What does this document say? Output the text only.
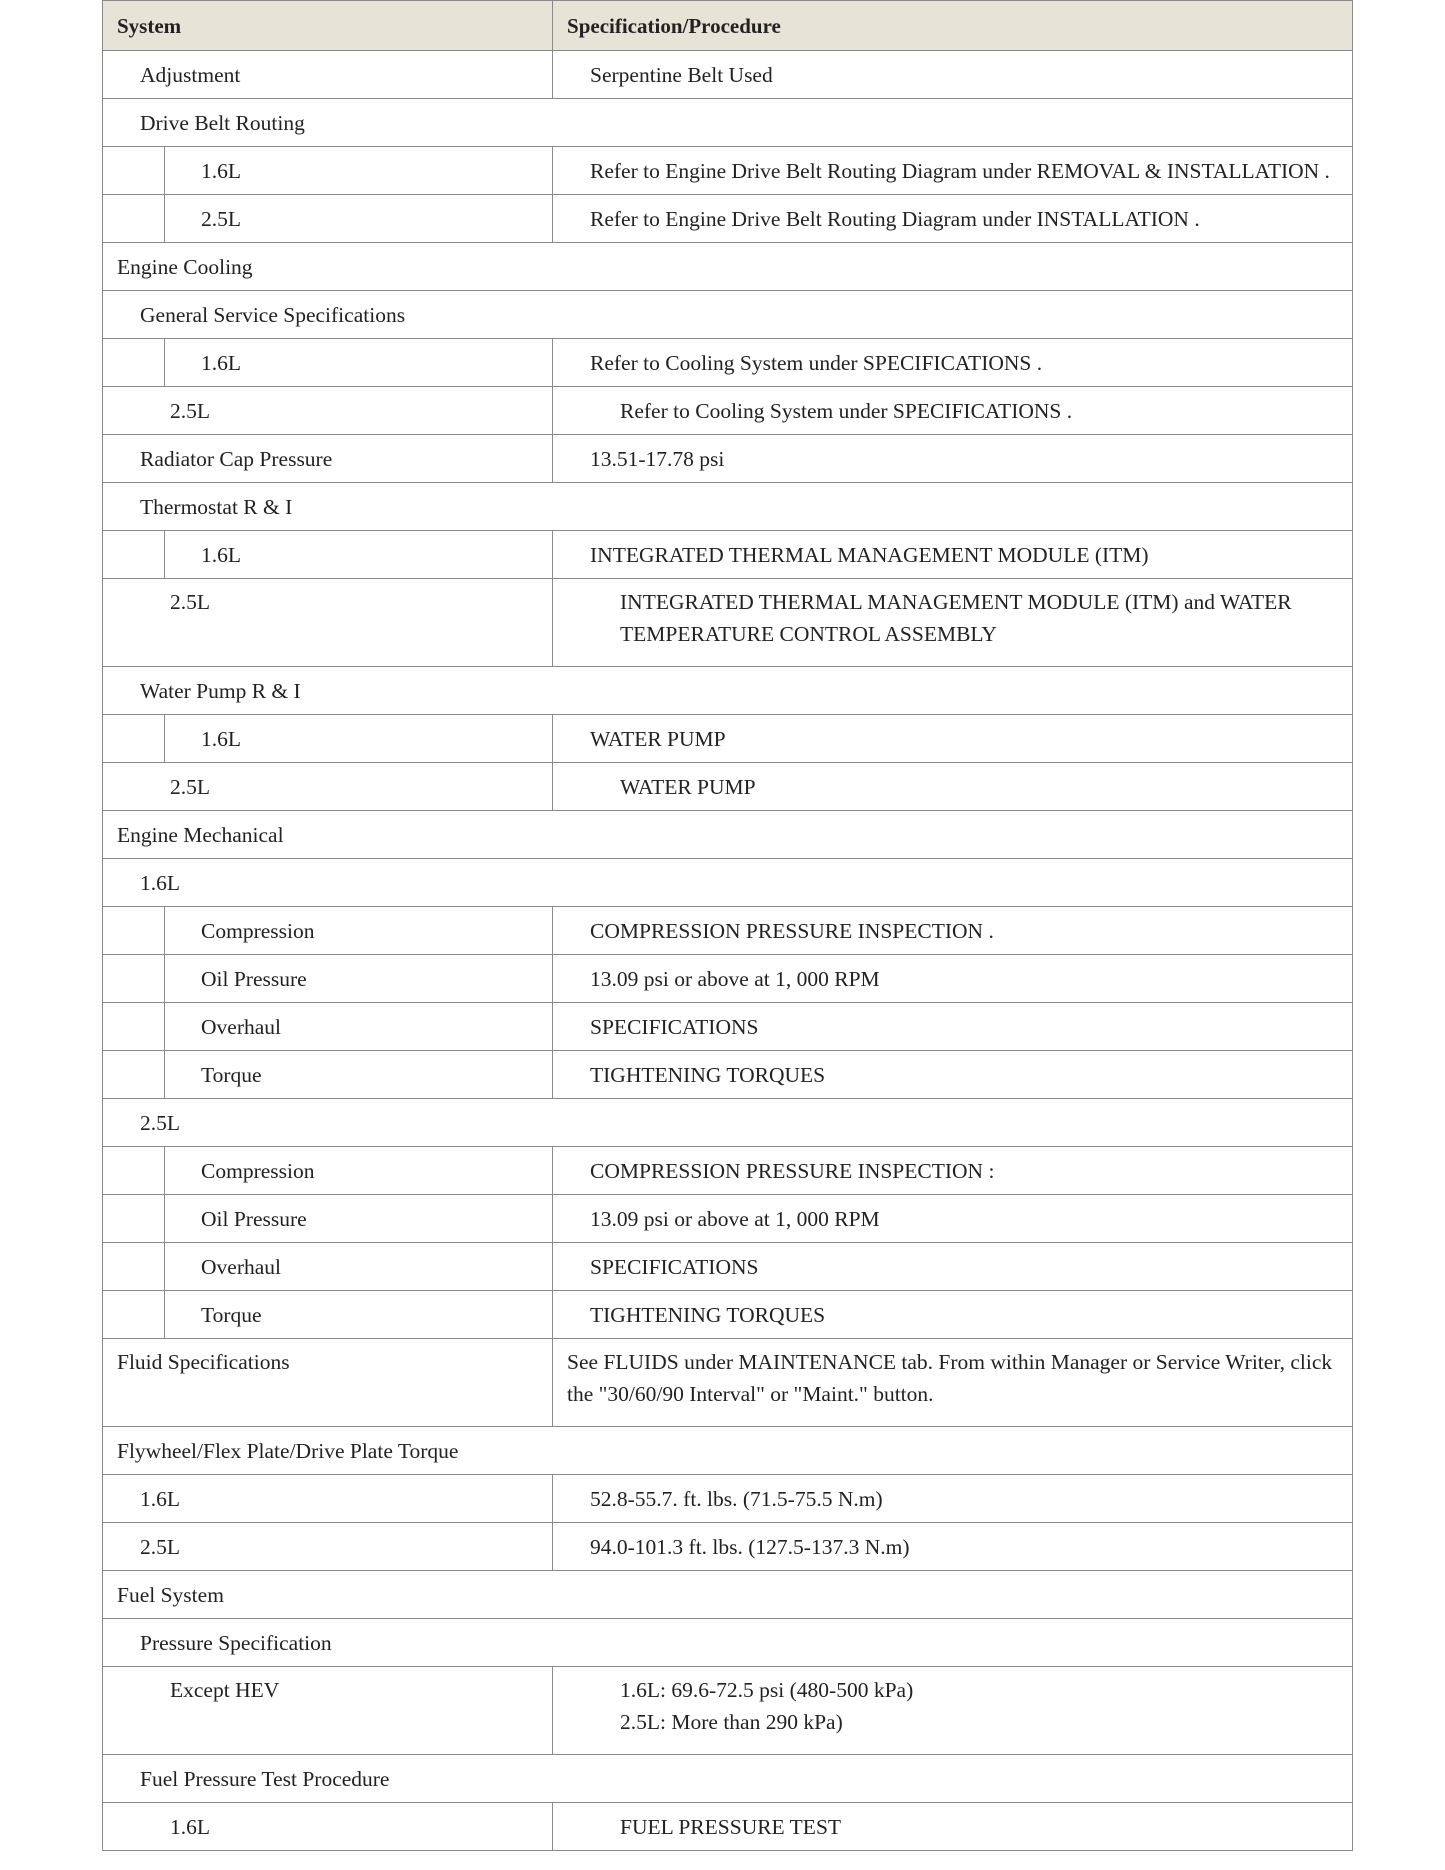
System		Specification/Procedure
Adjustment		Serpentine Belt Used
Drive Belt Routing		
	1.6L	Refer to Engine Drive Belt Routing Diagram under REMOVAL & INSTALLATION .
	2.5L	Refer to Engine Drive Belt Routing Diagram under INSTALLATION .
Engine Cooling		
General Service Specifications		
	1.6L	Refer to Cooling System under SPECIFICATIONS .
2.5L		Refer to Cooling System under SPECIFICATIONS .
Radiator Cap Pressure		13.51-17.78 psi
Thermostat R & I		
	1.6L	INTEGRATED THERMAL MANAGEMENT MODULE (ITM)
2.5L		INTEGRATED THERMAL MANAGEMENT MODULE (ITM) and WATER TEMPERATURE CONTROL ASSEMBLY
Water Pump R & I		
	1.6L	WATER PUMP
2.5L		WATER PUMP
Engine Mechanical		
1.6L		
	Compression	COMPRESSION PRESSURE INSPECTION .
	Oil Pressure	13.09 psi or above at 1, 000 RPM
	Overhaul	SPECIFICATIONS
	Torque	TIGHTENING TORQUES
2.5L		
	Compression	COMPRESSION PRESSURE INSPECTION :
	Oil Pressure	13.09 psi or above at 1, 000 RPM
	Overhaul	SPECIFICATIONS
	Torque	TIGHTENING TORQUES
Fluid Specifications		See FLUIDS under MAINTENANCE tab. From within Manager or Service Writer, click the "30/60/90 Interval" or "Maint." button.
Flywheel/Flex Plate/Drive Plate Torque		
1.6L		52.8-55.7. ft. lbs. (71.5-75.5 N.m)
2.5L		94.0-101.3 ft. lbs. (127.5-137.3 N.m)
Fuel System		
Pressure Specification		
Except HEV		1.6L: 69.6-72.5 psi (480-500 kPa)
2.5L: More than 290 kPa)

Fuel Pressure Test Procedure		
1.6L		FUEL PRESSURE TEST
